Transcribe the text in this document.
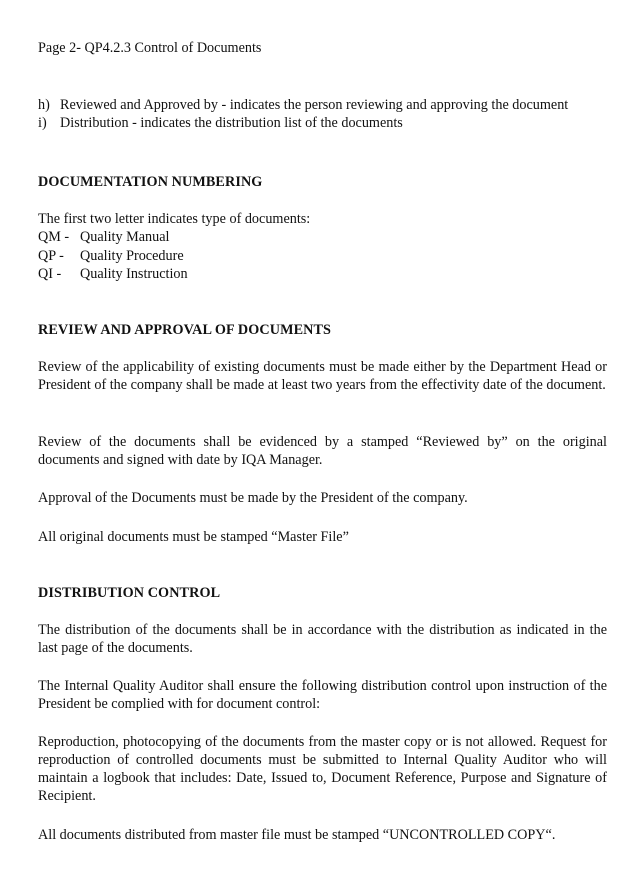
Page 2- QP4.2.3 Control of Documents

h) Reviewed and Approved by - indicates the person reviewing and approving the document
i) Distribution - indicates the distribution list of the documents

DOCUMENTATION NUMBERING

The first two letter indicates type of documents:

QM - Quality Manual
QP -	Quality Procedure
QI -	Quality Instruction

REVIEW AND APPROVAL OF DOCUMENTS

Review of the applicability of existing documents must be made either by the Department Head or President of the company shall be made at least two years from the effectivity date of the document.

Review of the documents shall be evidenced by a stamped “Reviewed by” on the original documents and signed with date by IQA Manager.

Approval of the Documents must be made by the President of the company.

All original documents must be stamped “Master File”

DISTRIBUTION CONTROL

The distribution of the documents shall be in accordance with the distribution as indicated in the last page of the documents.

The Internal Quality Auditor shall ensure the following distribution control upon instruction of the President be complied with for document control:

Reproduction, photocopying of the documents from the master copy or is not allowed. Request for reproduction of controlled documents must be submitted to Internal Quality Auditor who will maintain a logbook that includes: Date, Issued to, Document Reference, Purpose and Signature of Recipient.

All documents distributed from master file must be stamped “UNCONTROLLED COPY“.
